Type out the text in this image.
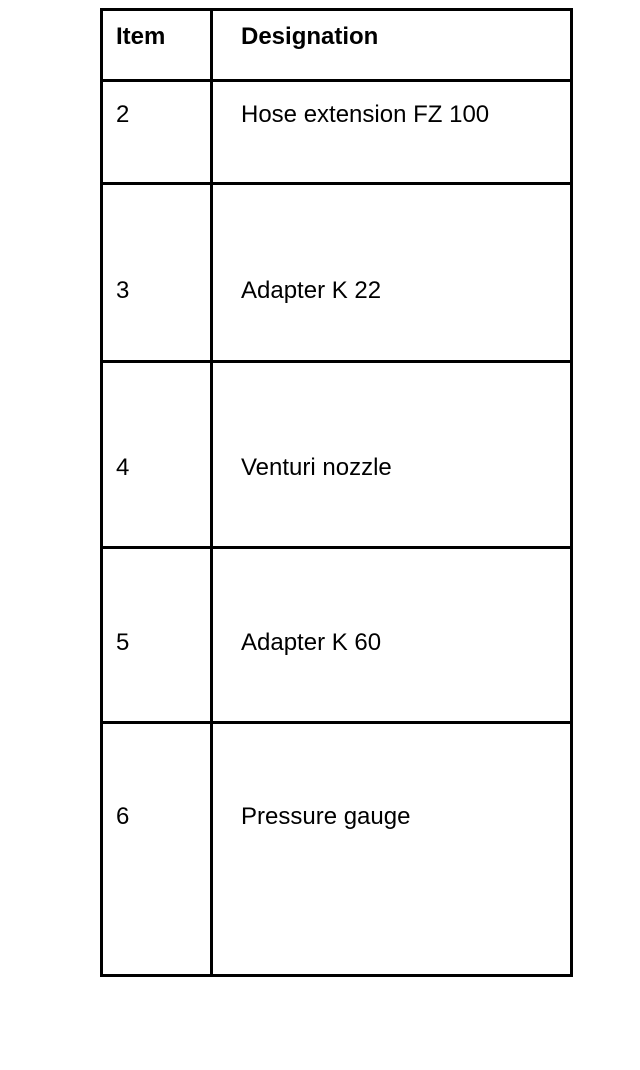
Item	Designation

2	Hose extension FZ 100

3	Adapter K 22

4	Venturi nozzle

5	Adapter K 60

6	Pressure gauge
